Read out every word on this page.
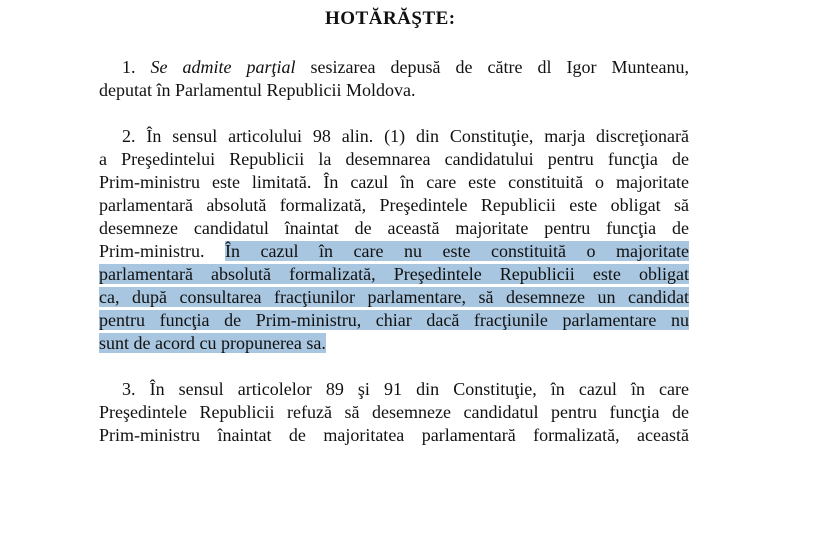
HOTĂRĂŞTE:
1. Se admite parţial sesizarea depusă de către dl Igor Munteanu,
deputat în Parlamentul Republicii Moldova.
2. În sensul articolului 98 alin. (1) din Constituţie, marja discreţionară
a Preşedintelui Republicii la desemnarea candidatului pentru funcţia de
Prim-ministru este limitată. În cazul în care este constituită o majoritate
parlamentară absolută formalizată, Preşedintele Republicii este obligat să
desemneze candidatul înaintat de această majoritate pentru funcţia de
Prim-ministru. În cazul în care nu este constituită o majoritate
parlamentară absolută formalizată, Preşedintele Republicii este obligat
ca, după consultarea fracţiunilor parlamentare, să desemneze un candidat
pentru funcţia de Prim-ministru, chiar dacă fracţiunile parlamentare nu
sunt de acord cu propunerea sa.
3. În sensul articolelor 89 şi 91 din Constituţie, în cazul în care
Preşedintele Republicii refuză să desemneze candidatul pentru funcţia de
Prim-ministru înaintat de majoritatea parlamentară formalizată, această
